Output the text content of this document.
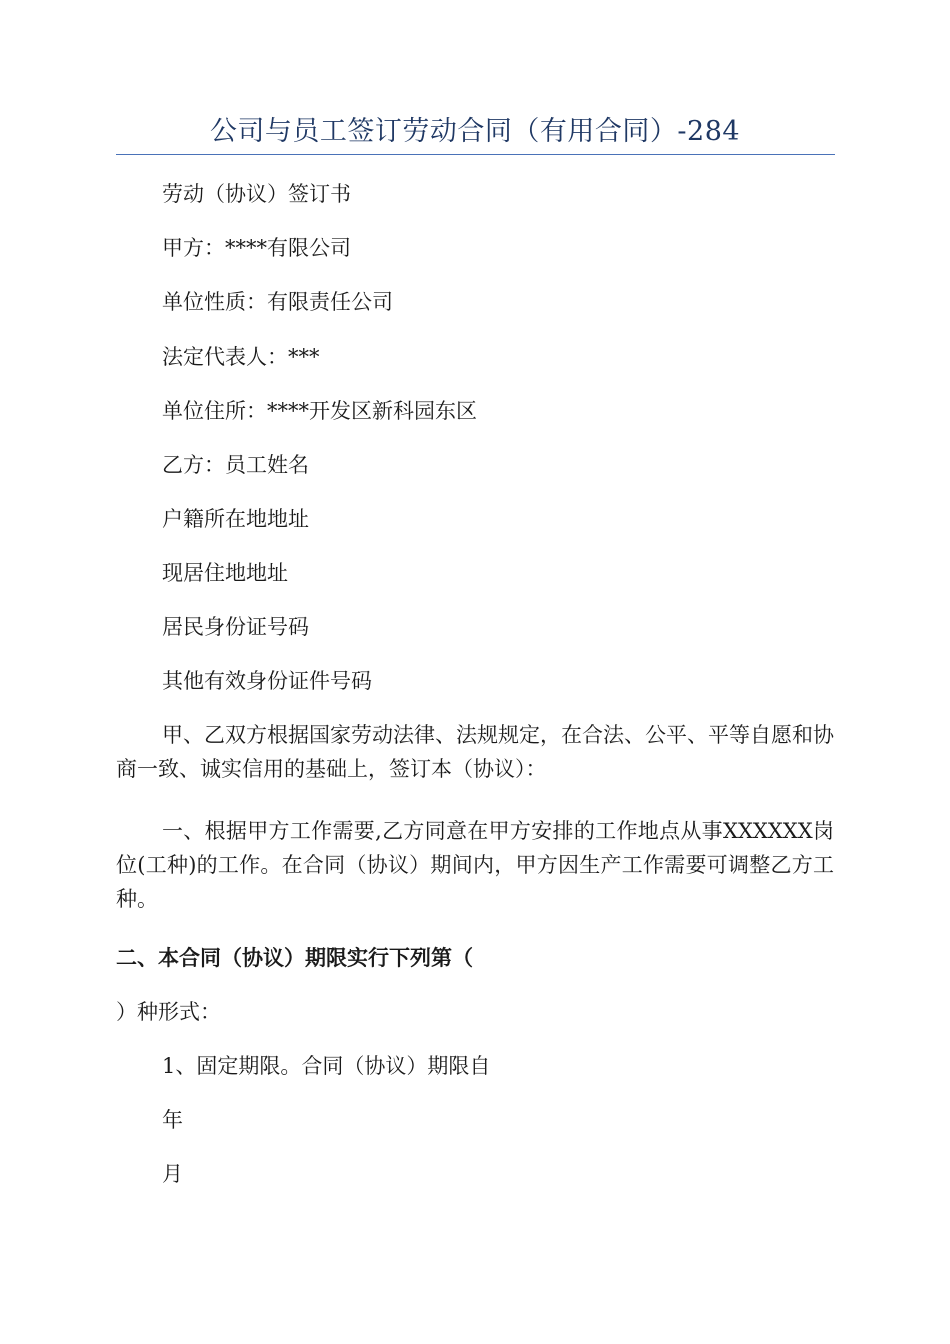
公司与员工签订劳动合同（有用合同）-284

劳动（协议）签订书

甲方：****有限公司

单位性质：有限责任公司

法定代表人：***

单位住所：****开发区新科园东区

乙方：员工姓名

户籍所在地地址

现居住地地址

居民身份证号码

其他有效身份证件号码

甲、乙双方根据国家劳动法律、法规规定，在合法、公平、平等自愿和协商一致、诚实信用的基础上，签订本（协议）：

一、根据甲方工作需要,乙方同意在甲方安排的工作地点从事XXXXXX岗位(工种)的工作。在合同（协议）期间内，甲方因生产工作需要可调整乙方工种。

二、本合同（协议）期限实行下列第（

）种形式：

1、固定期限。合同（协议）期限自

年

月
